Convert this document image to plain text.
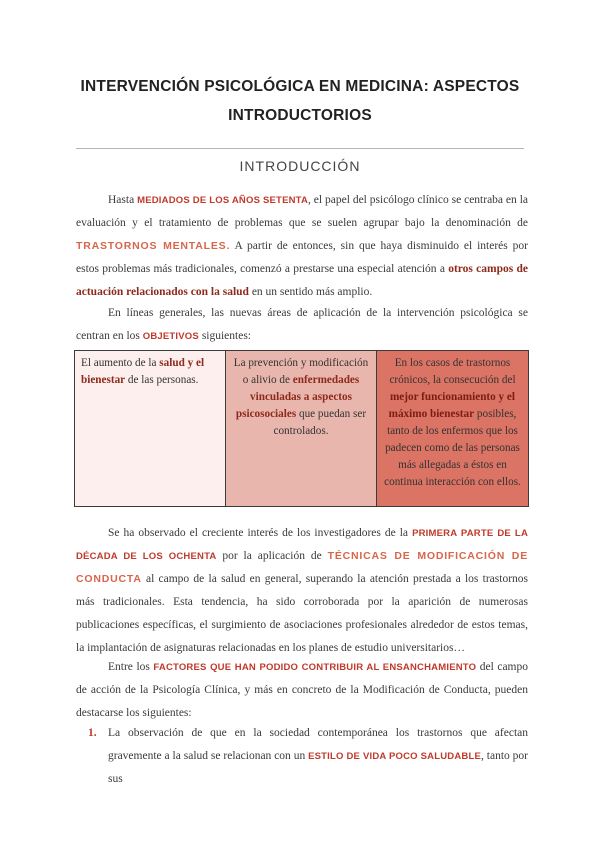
INTERVENCIÓN PSICOLÓGICA EN MEDICINA: ASPECTOS
INTRODUCTORIOS
INTRODUCCIÓN

Hasta MEDIADOS DE LOS AÑOS SETENTA, el papel del psicólogo clínico se centraba en la evaluación y el tratamiento de problemas que se suelen agrupar bajo la denominación de TRASTORNOS MENTALES. A partir de entonces, sin que haya disminuido el interés por estos problemas más tradicionales, comenzó a prestarse una especial atención a otros campos de actuación relacionados con la salud en un sentido más amplio.

En líneas generales, las nuevas áreas de aplicación de la intervención psicológica se centran en los OBJETIVOS siguientes:

El aumento de la salud y el bienestar de las personas.
La prevención y modificación o alivio de enfermedades vinculadas a aspectos psicosociales que puedan ser controlados.
En los casos de trastornos crónicos, la consecución del mejor funcionamiento y el máximo bienestar posibles, tanto de los enfermos que los padecen como de las personas más allegadas a éstos en continua interacción con ellos.

Se ha observado el creciente interés de los investigadores de la PRIMERA PARTE DE LA DÉCADA DE LOS OCHENTA por la aplicación de TÉCNICAS DE MODIFICACIÓN DE CONDUCTA al campo de la salud en general, superando la atención prestada a los trastornos más tradicionales. Esta tendencia, ha sido corroborada por la aparición de numerosas publicaciones específicas, el surgimiento de asociaciones profesionales alrededor de estos temas, la implantación de asignaturas relacionadas en los planes de estudio universitarios…

Entre los FACTORES QUE HAN PODIDO CONTRIBUIR AL ENSANCHAMIENTO del campo de acción de la Psicología Clínica, y más en concreto de la Modificación de Conducta, pueden destacarse los siguientes:

1. La observación de que en la sociedad contemporánea los trastornos que afectan gravemente a la salud se relacionan con un ESTILO DE VIDA POCO SALUDABLE, tanto por sus
